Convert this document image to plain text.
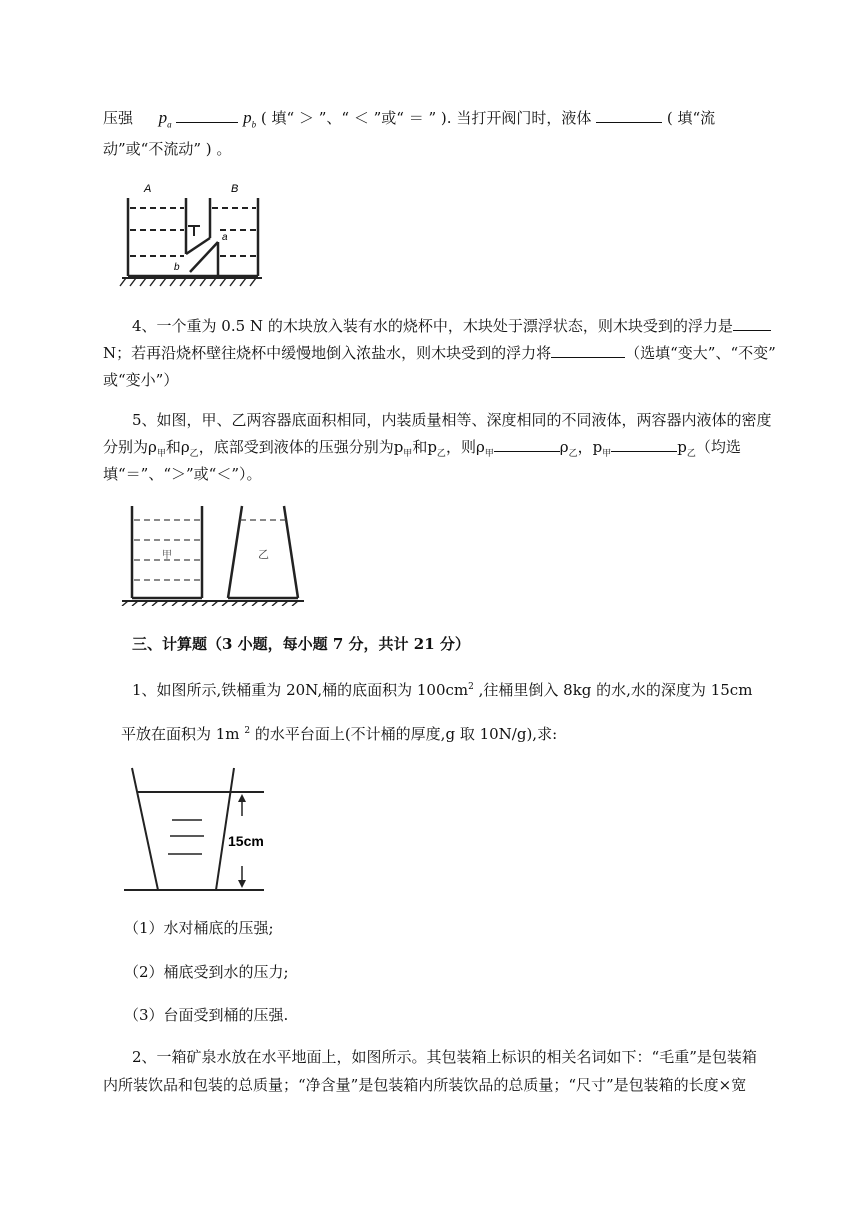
压强 $p_a$	$p_b$ ( 填“ ＞ ”、“ ＜ ”或“ ＝ ” ). 当打开阀门时，液体	( 填“流
动”或“不流动” ) 。
A	B
a
b
4、一个重为 0.5 N 的木块放入装有水的烧杯中，木块处于漂浮状态，则木块受到的浮力是
N；若再沿烧杯壁往烧杯中缓慢地倒入浓盐水，则木块受到的浮力将	（选填“变大”、“不变”
或“变小”）
5、如图，甲、乙两容器底面积相同，内装质量相等、深度相同的不同液体，两容器内液体的密度
分别为$\rho_甲$和$\rho_乙$，底部受到液体的压强分别为$p_甲$和$p_乙$，则$\rho_甲$	$\rho_乙$，$p_甲$	$p_乙$（均选
填“＝”、“＞”或“＜”）。
甲	乙
三、计算题（3 小题，每小题 7 分，共计 21 分）
1、如图所示,铁桶重为 20N,桶的底面积为 $100cm^2$ ,往桶里倒入 8kg 的水,水的深度为 15cm
平放在面积为 1m $^2$ 的水平台面上(不计桶的厚度,g 取 10N/g),求:
15cm
（1）水对桶底的压强;
（2）桶底受到水的压力;
（3）台面受到桶的压强.
2、一箱矿泉水放在水平地面上，如图所示。其包装箱上标识的相关名词如下：“毛重”是包装箱
内所装饮品和包装的总质量；“净含量”是包装箱内所装饮品的总质量；“尺寸”是包装箱的长度×宽
